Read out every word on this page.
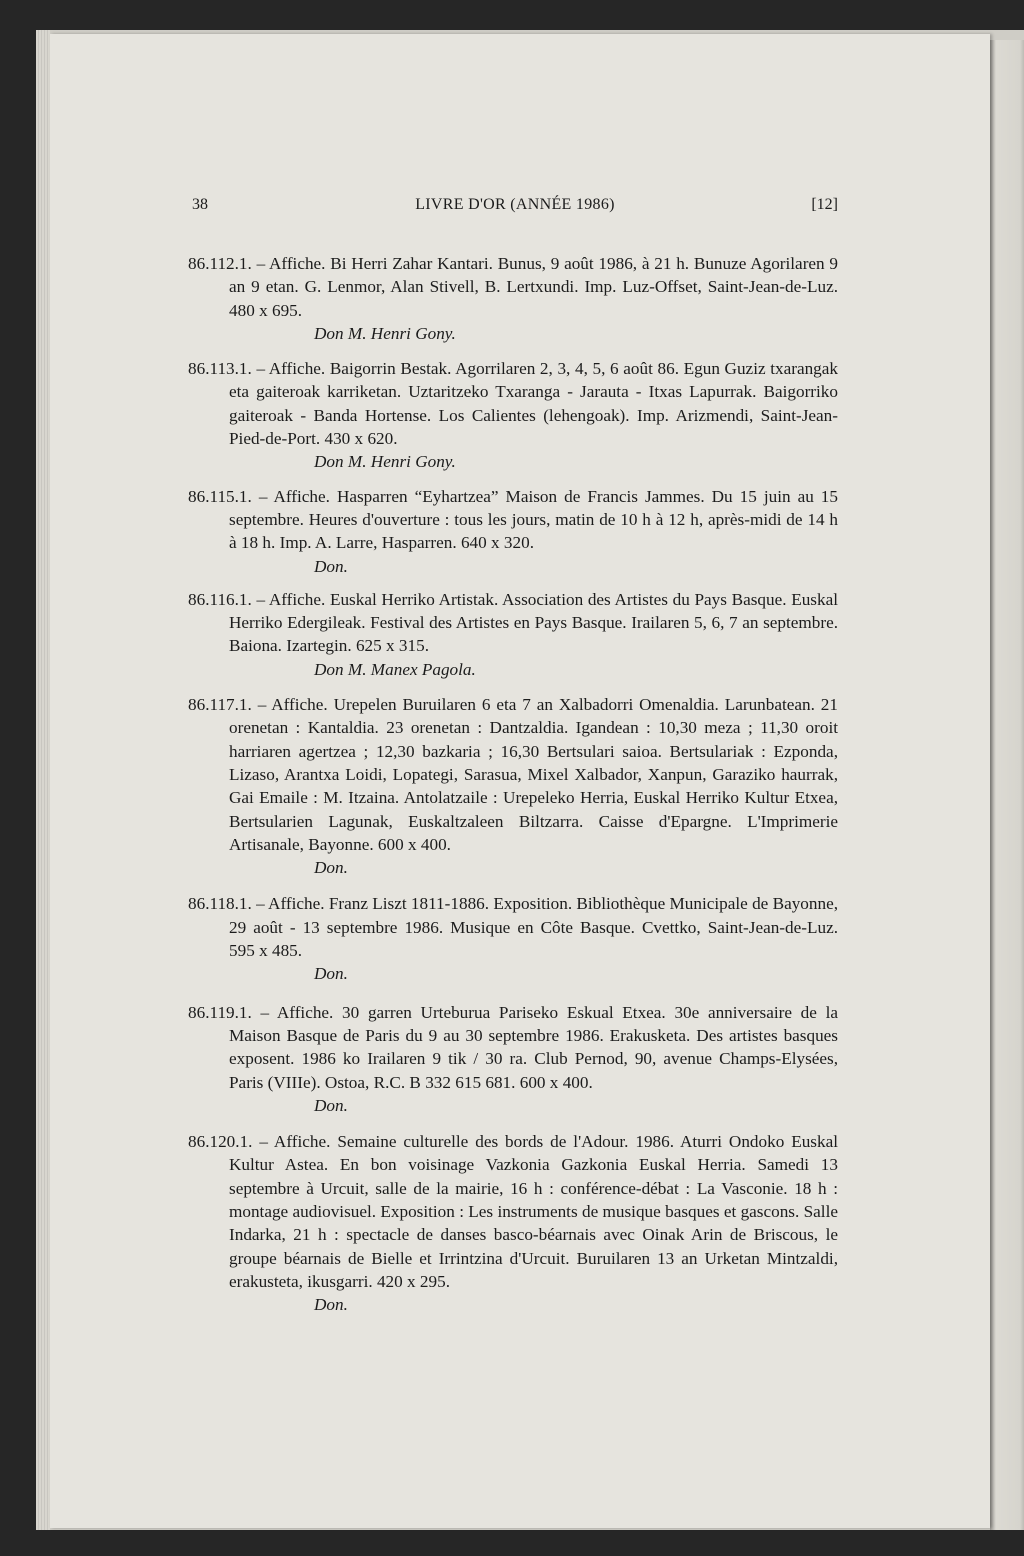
38	LIVRE D'OR (ANNÉE 1986)	[12]
86.112.1. – Affiche. Bi Herri Zahar Kantari. Bunus, 9 août 1986, à 21 h. Bunuze Agorilaren 9 an 9 etan. G. Lenmor, Alan Stivell, B. Lertxundi. Imp. Luz-Offset, Saint-Jean-de-Luz. 480 x 695.
Don M. Henri Gony.
86.113.1. – Affiche. Baigorrin Bestak. Agorrilaren 2, 3, 4, 5, 6 août 86. Egun Guziz txarangak eta gaiteroak karriketan. Uztaritzeko Txaranga - Jarauta - Itxas Lapurrak. Baigorriko gaiteroak - Banda Hortense. Los Calientes (lehengoak). Imp. Arizmendi, Saint-Jean-Pied-de-Port. 430 x 620.
Don M. Henri Gony.
86.115.1. – Affiche. Hasparren “Eyhartzea” Maison de Francis Jammes. Du 15 juin au 15 septembre. Heures d'ouverture : tous les jours, matin de 10 h à 12 h, après-midi de 14 h à 18 h. Imp. A. Larre, Hasparren. 640 x 320.
Don.
86.116.1. – Affiche. Euskal Herriko Artistak. Association des Artistes du Pays Basque. Euskal Herriko Edergileak. Festival des Artistes en Pays Basque. Irailaren 5, 6, 7 an septembre. Baiona. Izartegin. 625 x 315.
Don M. Manex Pagola.
86.117.1. – Affiche. Urepelen Buruilaren 6 eta 7 an Xalbadorri Omenaldia. Larunbatean. 21 orenetan : Kantaldia. 23 orenetan : Dantzaldia. Igandean : 10,30 meza ; 11,30 oroit harriaren agertzea ; 12,30 bazkaria ; 16,30 Bertsulari saioa. Bertsulariak : Ezponda, Lizaso, Arantxa Loidi, Lopategi, Sarasua, Mixel Xalbador, Xanpun, Garaziko haurrak, Gai Emaile : M. Itzaina. Antolatzaile : Urepeleko Herria, Euskal Herriko Kultur Etxea, Bertsularien Lagunak, Euskaltzaleen Biltzarra. Caisse d'Epargne. L'Imprimerie Artisanale, Bayonne. 600 x 400.
Don.
86.118.1. – Affiche. Franz Liszt 1811-1886. Exposition. Bibliothèque Municipale de Bayonne, 29 août - 13 septembre 1986. Musique en Côte Basque. Cvettko, Saint-Jean-de-Luz. 595 x 485.
Don.
86.119.1. – Affiche. 30 garren Urteburua Pariseko Eskual Etxea. 30e anniversaire de la Maison Basque de Paris du 9 au 30 septembre 1986. Erakusketa. Des artistes basques exposent. 1986 ko Irailaren 9 tik / 30 ra. Club Pernod, 90, avenue Champs-Elysées, Paris (VIIIe). Ostoa, R.C. B 332 615 681. 600 x 400.
Don.
86.120.1. – Affiche. Semaine culturelle des bords de l'Adour. 1986. Aturri Ondoko Euskal Kultur Astea. En bon voisinage Vazkonia Gazkonia Euskal Herria. Samedi 13 septembre à Urcuit, salle de la mairie, 16 h : conférence-débat : La Vasconie. 18 h : montage audiovisuel. Exposition : Les instruments de musique basques et gascons. Salle Indarka, 21 h : spectacle de danses basco-béarnais avec Oinak Arin de Briscous, le groupe béarnais de Bielle et Irrintzina d'Urcuit. Buruilaren 13 an Urketan Mintzaldi, erakusteta, ikusgarri. 420 x 295.
Don.
